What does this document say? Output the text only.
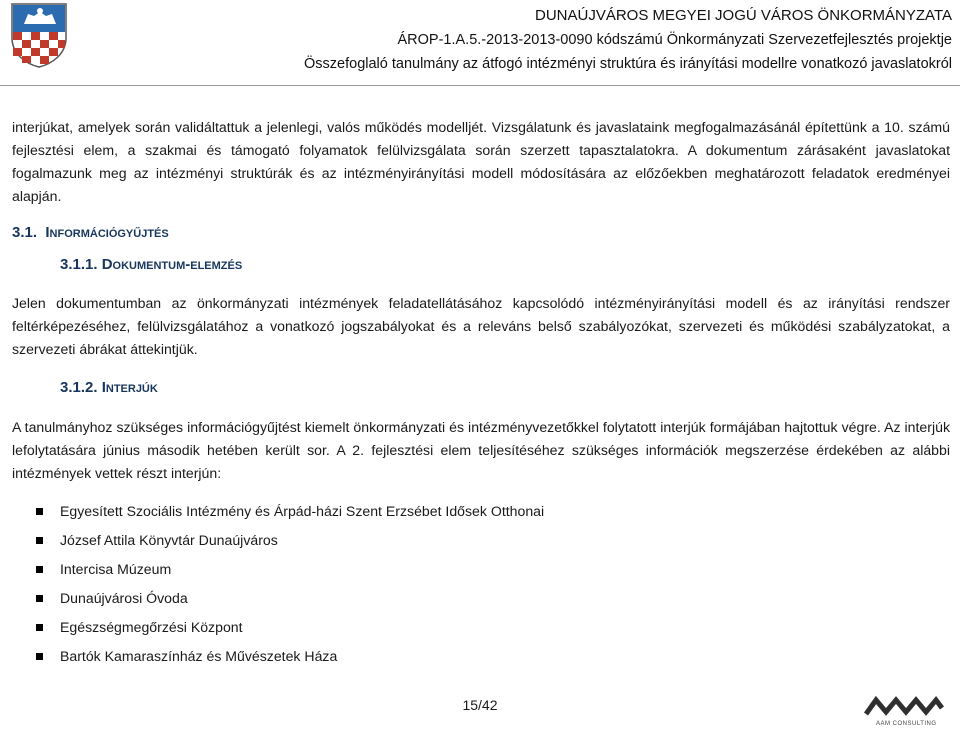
DUNAÚJVÁROS MEGYEI JOGÚ VÁROS ÖNKORMÁNYZATA
ÁROP-1.A.5.-2013-2013-0090 kódszámú Önkormányzati Szervezetfejlesztés projektje
Összefoglaló tanulmány az átfogó intézményi struktúra és irányítási modellre vonatkozó javaslatokról

interjúkat, amelyek során validáltattuk a jelenlegi, valós működés modelljét. Vizsgálatunk és javaslataink megfogalmazásánál építettünk a 10. számú fejlesztési elem, a szakmai és támogató folyamatok felülvizsgálata során szerzett tapasztalatokra. A dokumentum zárásaként javaslatokat fogalmazunk meg az intézményi struktúrák és az intézményirányítási modell módosítására az előzőekben meghatározott feladatok eredményei alapján.

3.1. Információgyűjtés
3.1.1. Dokumentum-elemzés

Jelen dokumentumban az önkormányzati intézmények feladatellátásához kapcsolódó intézményirányítási modell és az irányítási rendszer feltérképezéséhez, felülvizsgálatához a vonatkozó jogszabályokat és a releváns belső szabályozókat, szervezeti és működési szabályzatokat, a szervezeti ábrákat áttekintjük.

3.1.2. Interjúk

A tanulmányhoz szükséges információgyűjtést kiemelt önkormányzati és intézményvezetőkkel folytatott interjúk formájában hajtottuk végre. Az interjúk lefolytatására június második hetében került sor. A 2. fejlesztési elem teljesítéséhez szükséges információk megszerzése érdekében az alábbi intézmények vettek részt interjún:

Egyesített Szociális Intézmény és Árpád-házi Szent Erzsébet Idősek Otthonai
József Attila Könyvtár Dunaújváros
Intercisa Múzeum
Dunaújvárosi Óvoda
Egészségmegőrzési Központ
Bartók Kamaraszínház és Művészetek Háza
15/42
AAM CONSULTING
